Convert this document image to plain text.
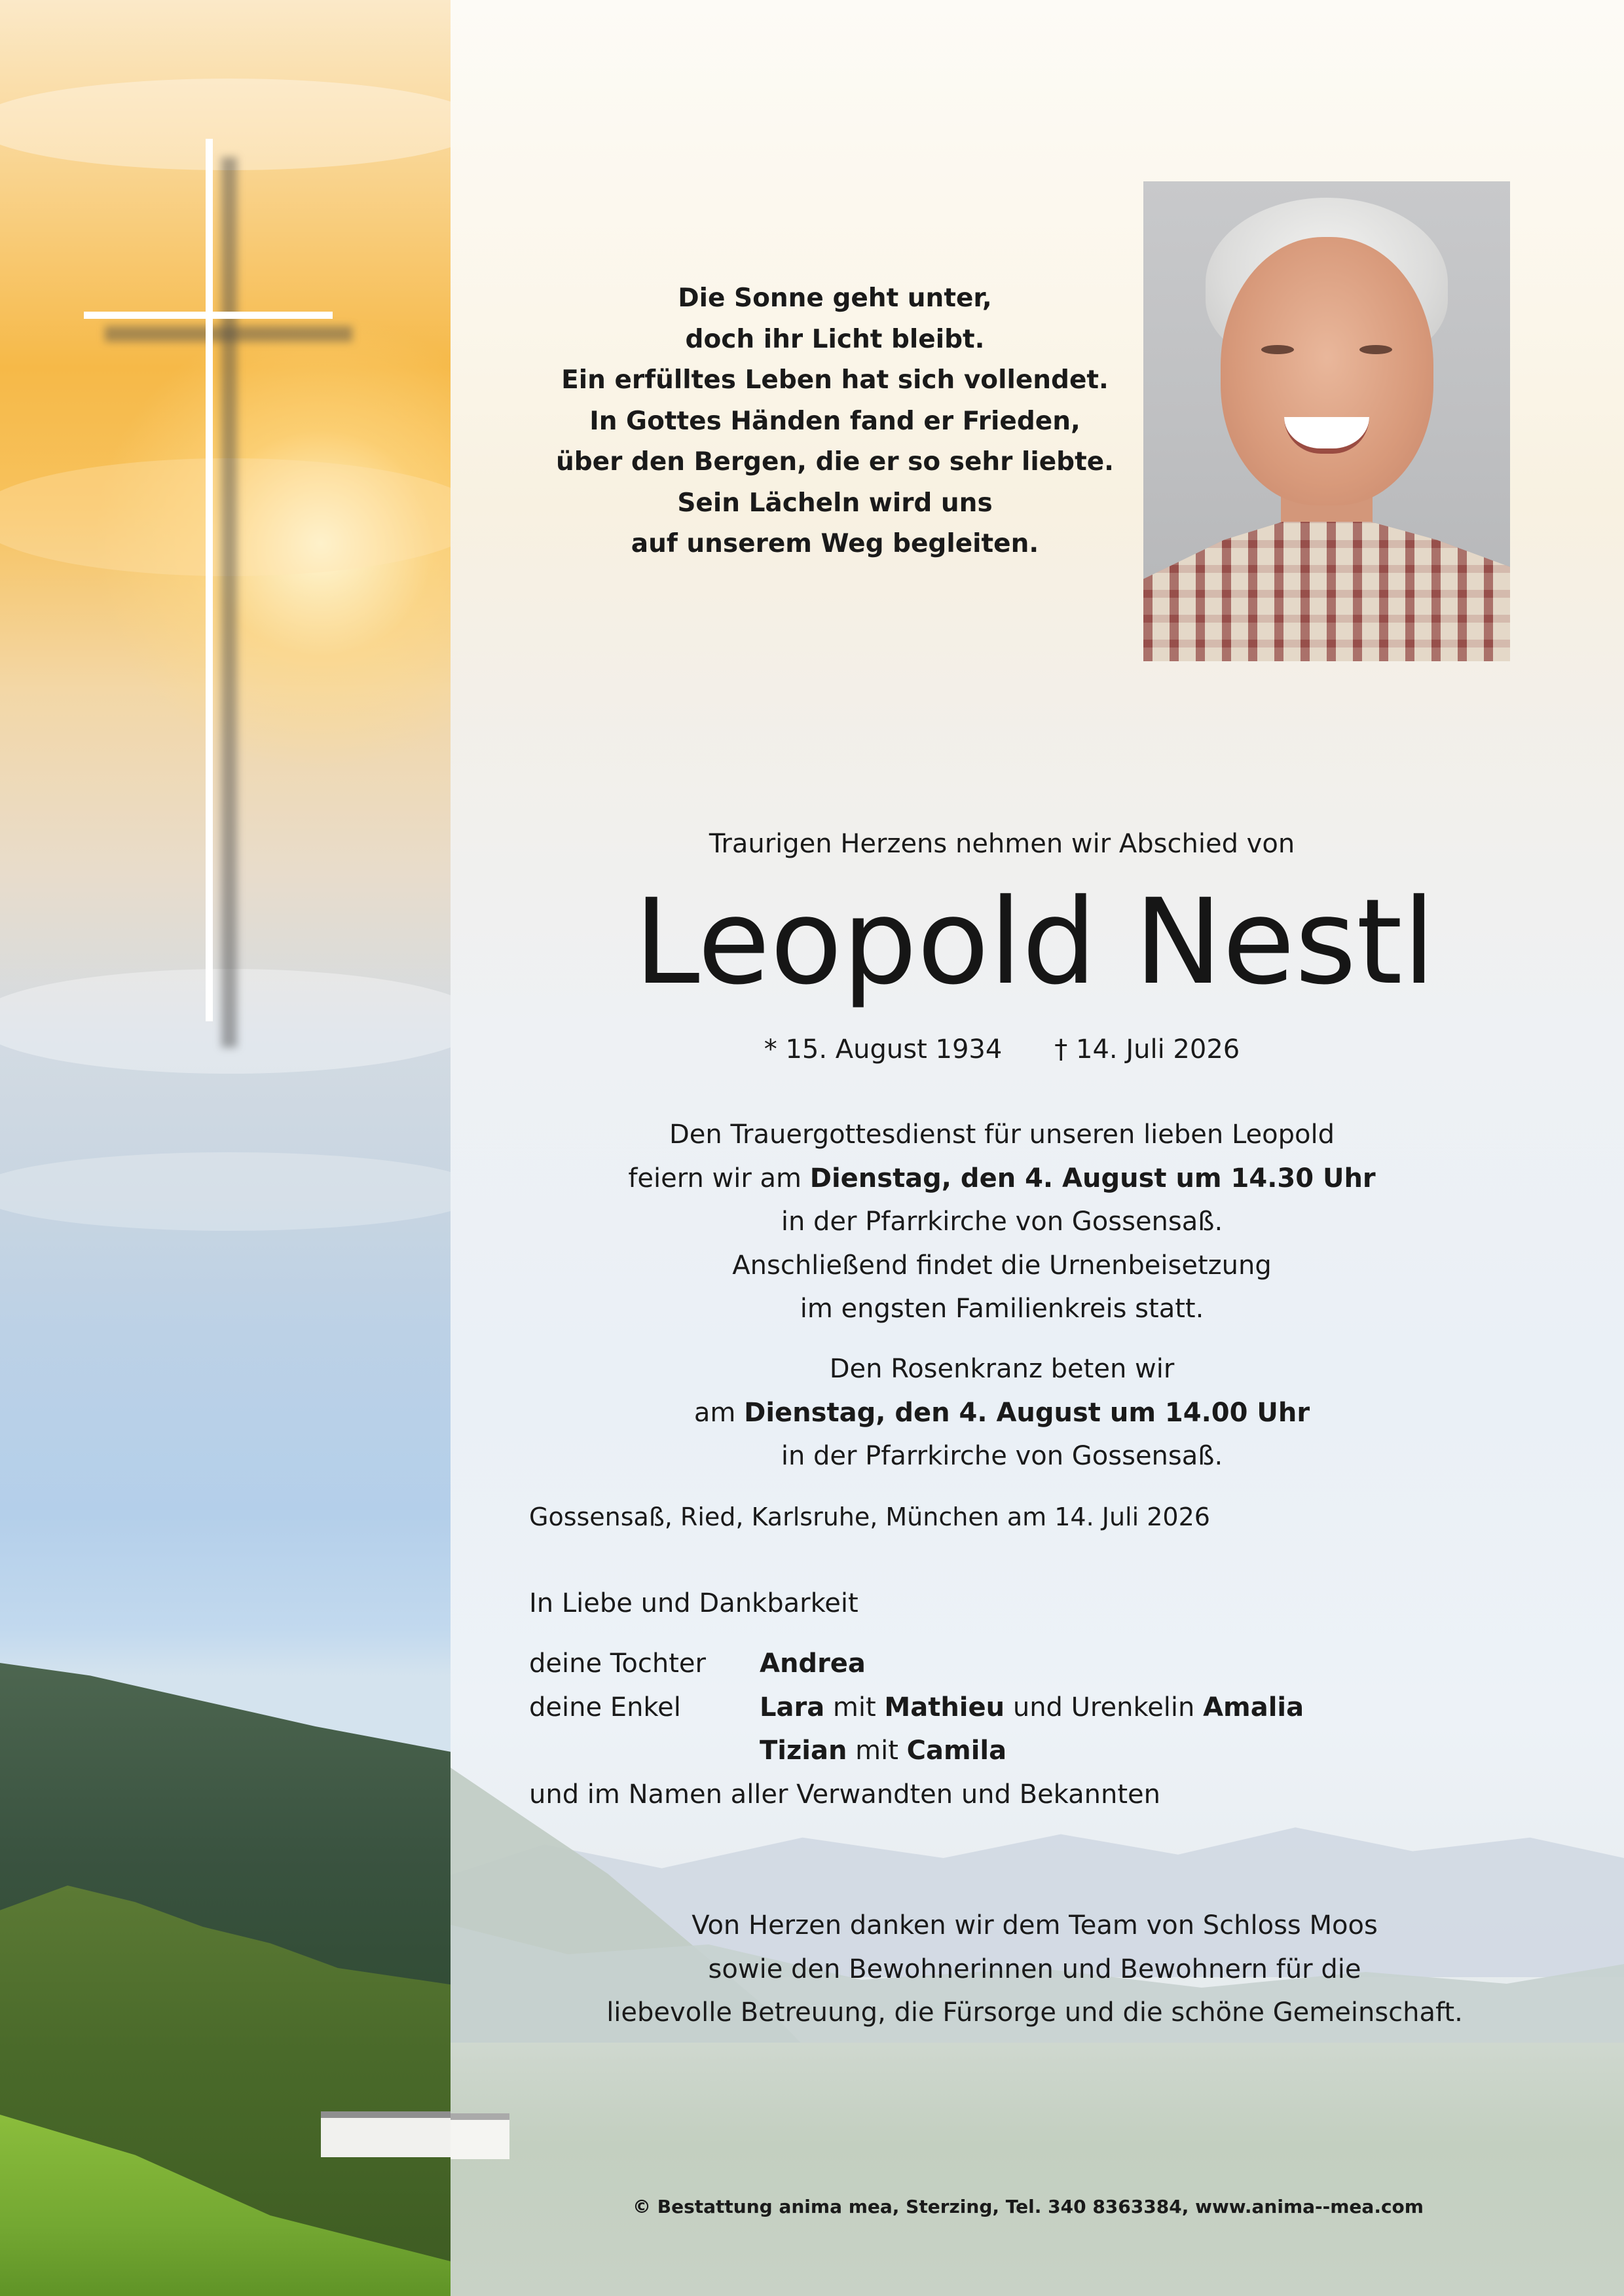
Die Sonne geht unter,
doch ihr Licht bleibt.
Ein erfülltes Leben hat sich vollendet.
In Gottes Händen fand er Frieden,
über den Bergen, die er so sehr liebte.
Sein Lächeln wird uns
auf unserem Weg begleiten.
Traurigen Herzens nehmen wir Abschied von
Leopold Nestl
* 15. August 1934 † 14. Juli 2026
Den Trauergottesdienst für unseren lieben Leopold
feiern wir am Dienstag, den 4. August um 14.30 Uhr
in der Pfarrkirche von Gossensaß.
Anschließend findet die Urnenbeisetzung
im engsten Familienkreis statt.
Den Rosenkranz beten wir
am Dienstag, den 4. August um 14.00 Uhr
in der Pfarrkirche von Gossensaß.
Gossensaß, Ried, Karlsruhe, München am 14. Juli 2026
In Liebe und Dankbarkeit
deine Tochter Andrea
deine Enkel	Lara mit Mathieu und Urenkelin Amalia
Tizian mit Camila
und im Namen aller Verwandten und Bekannten
Von Herzen danken wir dem Team von Schloss Moos
sowie den Bewohnerinnen und Bewohnern für die
liebevolle Betreuung, die Fürsorge und die schöne Gemeinschaft.
© Bestattung anima mea, Sterzing, Tel. 340 8363384, www.anima--mea.com
